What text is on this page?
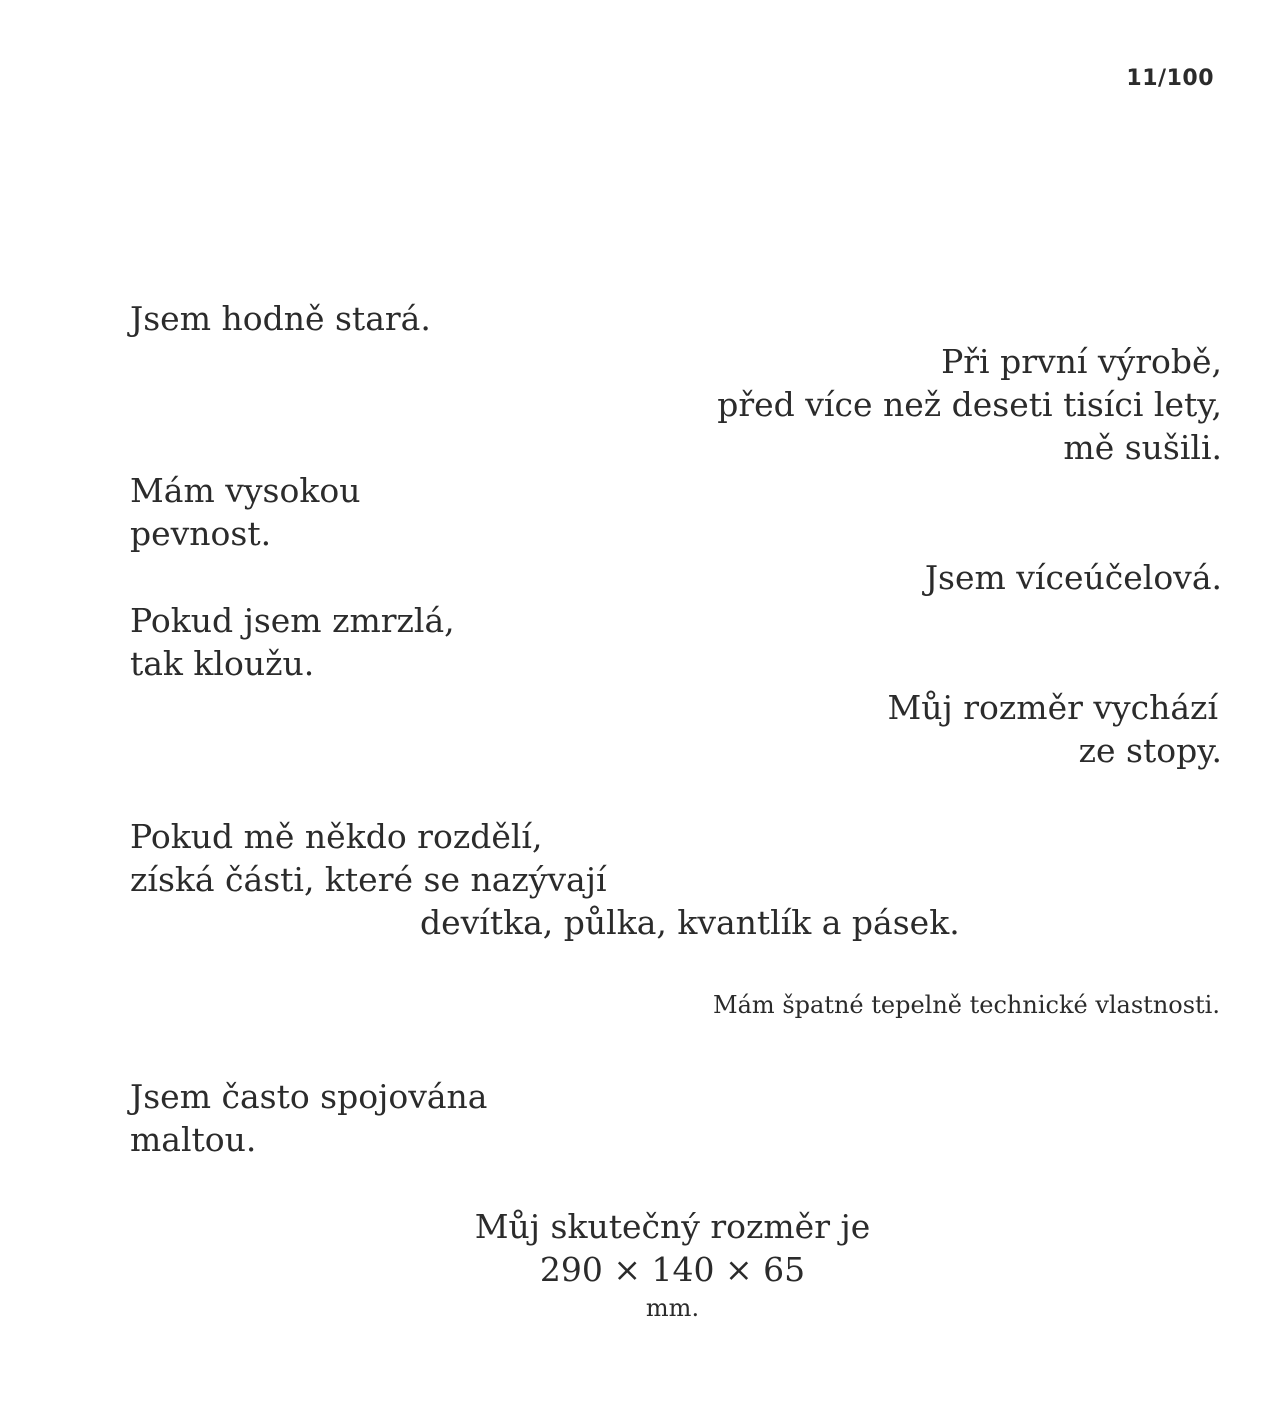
11/100
Jsem hodně stará.
Při první výrobě,
před více než deseti tisíci lety,
mě sušili.
Mám vysokou
pevnost.
Jsem víceúčelová.
Pokud jsem zmrzlá,
tak kloužu.
Můj rozměr vychází
ze stopy.
Pokud mě někdo rozdělí,
získá části, které se nazývají
devítka, půlka, kvantlík a pásek.
Mám špatné tepelně technické vlastnosti.
Jsem často spojována
maltou.
Můj skutečný rozměr je
290 × 140 × 65
mm.
